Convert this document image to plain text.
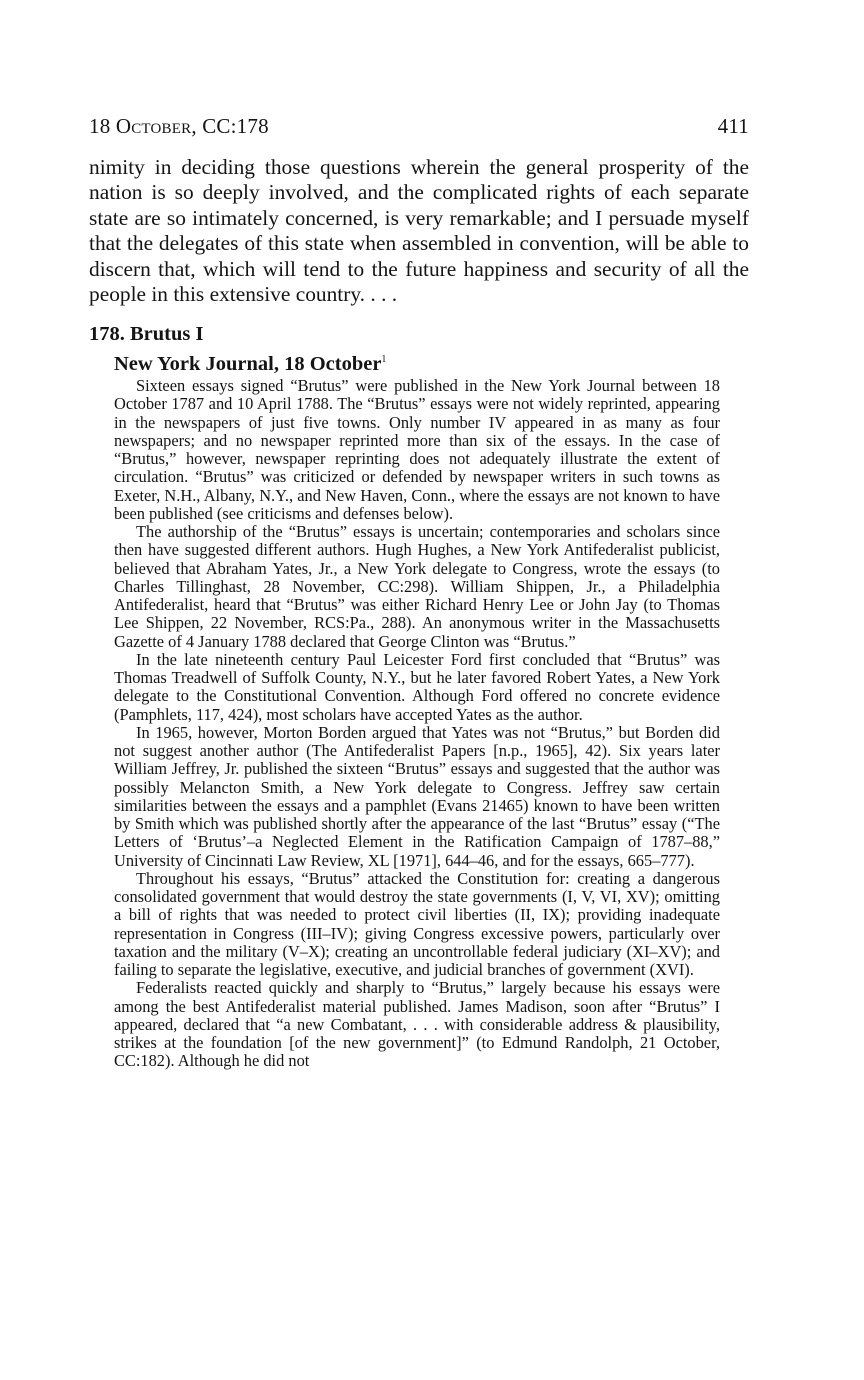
18 October, CC:178	411

nimity in deciding those questions wherein the general prosperity of the nation is so deeply involved, and the complicated rights of each separate state are so intimately concerned, is very remarkable; and I persuade myself that the delegates of this state when assembled in convention, will be able to discern that, which will tend to the future happiness and security of all the people in this extensive country. . . .

178. Brutus I
New York Journal, 18 October$^1$

Sixteen essays signed “Brutus” were published in the New York Journal between 18 October 1787 and 10 April 1788. The “Brutus” essays were not widely reprinted, appearing in the newspapers of just five towns. Only number IV appeared in as many as four newspapers; and no newspaper reprinted more than six of the essays. In the case of “Brutus,” however, newspaper reprinting does not adequately illustrate the extent of circulation. “Brutus” was criticized or defended by newspaper writers in such towns as Exeter, N.H., Albany, N.Y., and New Haven, Conn., where the essays are not known to have been published (see criticisms and defenses below).

The authorship of the “Brutus” essays is uncertain; contemporaries and scholars since then have suggested different authors. Hugh Hughes, a New York Antifederalist publicist, believed that Abraham Yates, Jr., a New York delegate to Congress, wrote the essays (to Charles Tillinghast, 28 November, CC:298). William Shippen, Jr., a Philadelphia Antifederalist, heard that “Brutus” was either Richard Henry Lee or John Jay (to Thomas Lee Shippen, 22 November, RCS:Pa., 288). An anonymous writer in the Massachusetts Gazette of 4 January 1788 declared that George Clinton was “Brutus.”

In the late nineteenth century Paul Leicester Ford first concluded that “Brutus” was Thomas Treadwell of Suffolk County, N.Y., but he later favored Robert Yates, a New York delegate to the Constitutional Convention. Although Ford offered no concrete evidence (Pamphlets, 117, 424), most scholars have accepted Yates as the author.

In 1965, however, Morton Borden argued that Yates was not “Brutus,” but Borden did not suggest another author (The Antifederalist Papers [n.p., 1965], 42). Six years later William Jeffrey, Jr. published the sixteen “Brutus” essays and suggested that the author was possibly Melancton Smith, a New York delegate to Congress. Jeffrey saw certain similarities between the essays and a pamphlet (Evans 21465) known to have been written by Smith which was published shortly after the appearance of the last “Brutus” essay (“The Letters of ‘Brutus’–a Neglected Element in the Ratification Campaign of 1787–88,” University of Cincinnati Law Review, XL [1971], 644–46, and for the essays, 665–777).

Throughout his essays, “Brutus” attacked the Constitution for: creating a dangerous consolidated government that would destroy the state governments (I, V, VI, XV); omitting a bill of rights that was needed to protect civil liberties (II, IX); providing inadequate representation in Congress (III–IV); giving Congress excessive powers, particularly over taxation and the military (V–X); creating an uncontrollable federal judiciary (XI–XV); and failing to separate the legislative, executive, and judicial branches of government (XVI).

Federalists reacted quickly and sharply to “Brutus,” largely because his essays were among the best Antifederalist material published. James Madison, soon after “Brutus” I appeared, declared that “a new Combatant, . . . with considerable address & plausibility, strikes at the foundation [of the new government]” (to Edmund Randolph, 21 October, CC:182). Although he did not
